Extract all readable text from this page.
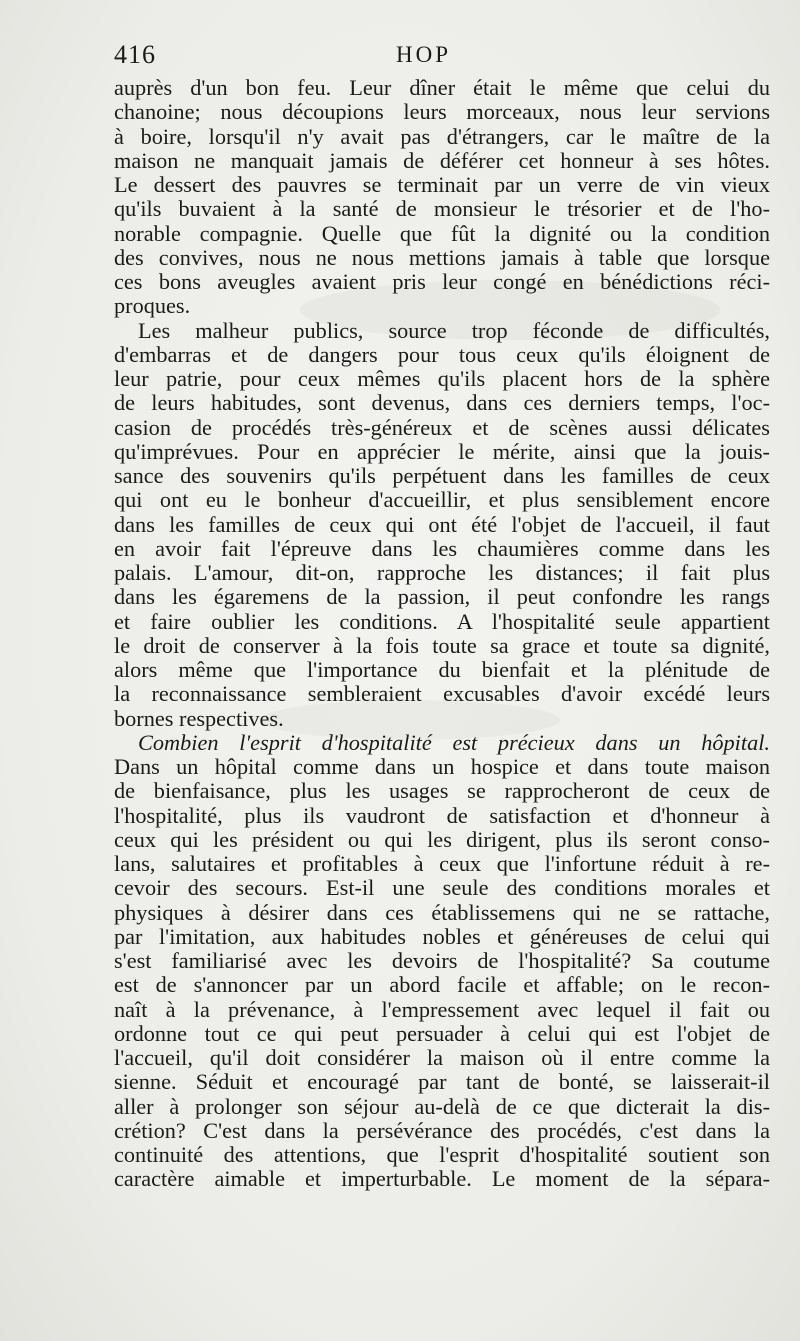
416	HOP
auprès d'un bon feu. Leur dîner était le même que celui du
chanoine; nous découpions leurs morceaux, nous leur servions
à boire, lorsqu'il n'y avait pas d'étrangers, car le maître de la
maison ne manquait jamais de déférer cet honneur à ses hôtes.
Le dessert des pauvres se terminait par un verre de vin vieux
qu'ils buvaient à la santé de monsieur le trésorier et de l'ho-
norable compagnie. Quelle que fût la dignité ou la condition
des convives, nous ne nous mettions jamais à table que lorsque
ces bons aveugles avaient pris leur congé en bénédictions réci-
proques.
Les malheur publics, source trop féconde de difficultés,
d'embarras et de dangers pour tous ceux qu'ils éloignent de
leur patrie, pour ceux mêmes qu'ils placent hors de la sphère
de leurs habitudes, sont devenus, dans ces derniers temps, l'oc-
casion de procédés très-généreux et de scènes aussi délicates
qu'imprévues. Pour en apprécier le mérite, ainsi que la jouis-
sance des souvenirs qu'ils perpétuent dans les familles de ceux
qui ont eu le bonheur d'accueillir, et plus sensiblement encore
dans les familles de ceux qui ont été l'objet de l'accueil, il faut
en avoir fait l'épreuve dans les chaumières comme dans les
palais. L'amour, dit-on, rapproche les distances; il fait plus
dans les égaremens de la passion, il peut confondre les rangs
et faire oublier les conditions. A l'hospitalité seule appartient
le droit de conserver à la fois toute sa grace et toute sa dignité,
alors même que l'importance du bienfait et la plénitude de
la reconnaissance sembleraient excusables d'avoir excédé leurs
bornes respectives.
Combien l'esprit d'hospitalité est précieux dans un hôpital.
Dans un hôpital comme dans un hospice et dans toute maison
de bienfaisance, plus les usages se rapprocheront de ceux de
l'hospitalité, plus ils vaudront de satisfaction et d'honneur à
ceux qui les président ou qui les dirigent, plus ils seront conso-
lans, salutaires et profitables à ceux que l'infortune réduit à re-
cevoir des secours. Est-il une seule des conditions morales et
physiques à désirer dans ces établissemens qui ne se rattache,
par l'imitation, aux habitudes nobles et généreuses de celui qui
s'est familiarisé avec les devoirs de l'hospitalité? Sa coutume
est de s'annoncer par un abord facile et affable; on le recon-
naît à la prévenance, à l'empressement avec lequel il fait ou
ordonne tout ce qui peut persuader à celui qui est l'objet de
l'accueil, qu'il doit considérer la maison où il entre comme la
sienne. Séduit et encouragé par tant de bonté, se laisserait-il
aller à prolonger son séjour au-delà de ce que dicterait la dis-
crétion? C'est dans la persévérance des procédés, c'est dans la
continuité des attentions, que l'esprit d'hospitalité soutient son
caractère aimable et imperturbable. Le moment de la sépara-
